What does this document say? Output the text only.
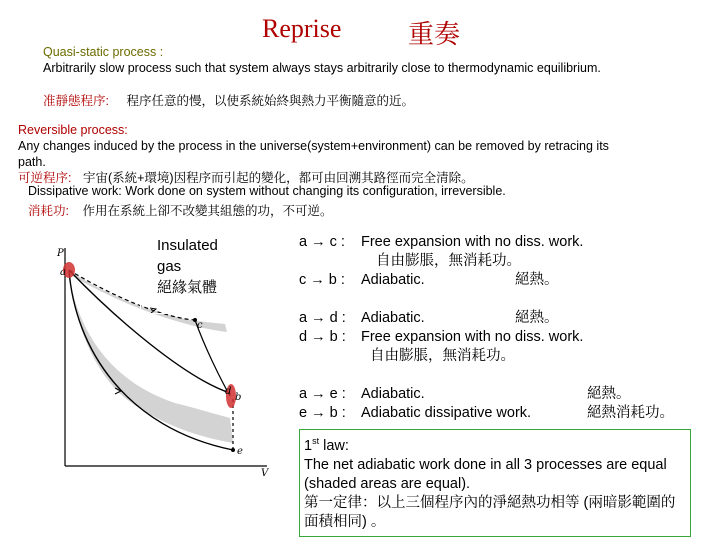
Reprise	重奏
Quasi-static process :
Arbitrarily slow process such that system always stays arbitrarily close to thermodynamic equilibrium.
准靜態程序: 程序任意的慢，以使系統始終與熱力平衡隨意的近。
Reversible process:
Any changes induced by the process in the universe(system+environment) can be removed by retracing its
path.
可逆程序: 宇宙(系統+環境)因程序而引起的變化，都可由回溯其路徑而完全清除。
Dissipative work: Work done on system without changing its configuration, irreversible.
消耗功: 作用在系統上卻不改變其組態的功，不可逆。
P
V
a
c
d
b
e
Insulated
gas
絕緣氣體
a → c : Free expansion with no diss. work.
自由膨脹，無消耗功。
c → b : Adiabatic.	絕熱。
a → d : Adiabatic.	絕熱。
d → b : Free expansion with no diss. work.
自由膨脹，無消耗功。
a → e : Adiabatic.	絕熱。
e → b : Adiabatic dissipative work.	絕熱消耗功。
1st law:
The net adiabatic work done in all 3 processes are equal (shaded areas are equal).
第一定律：以上三個程序內的淨絕熱功相等 (兩暗影範圍的面積相同) 。
